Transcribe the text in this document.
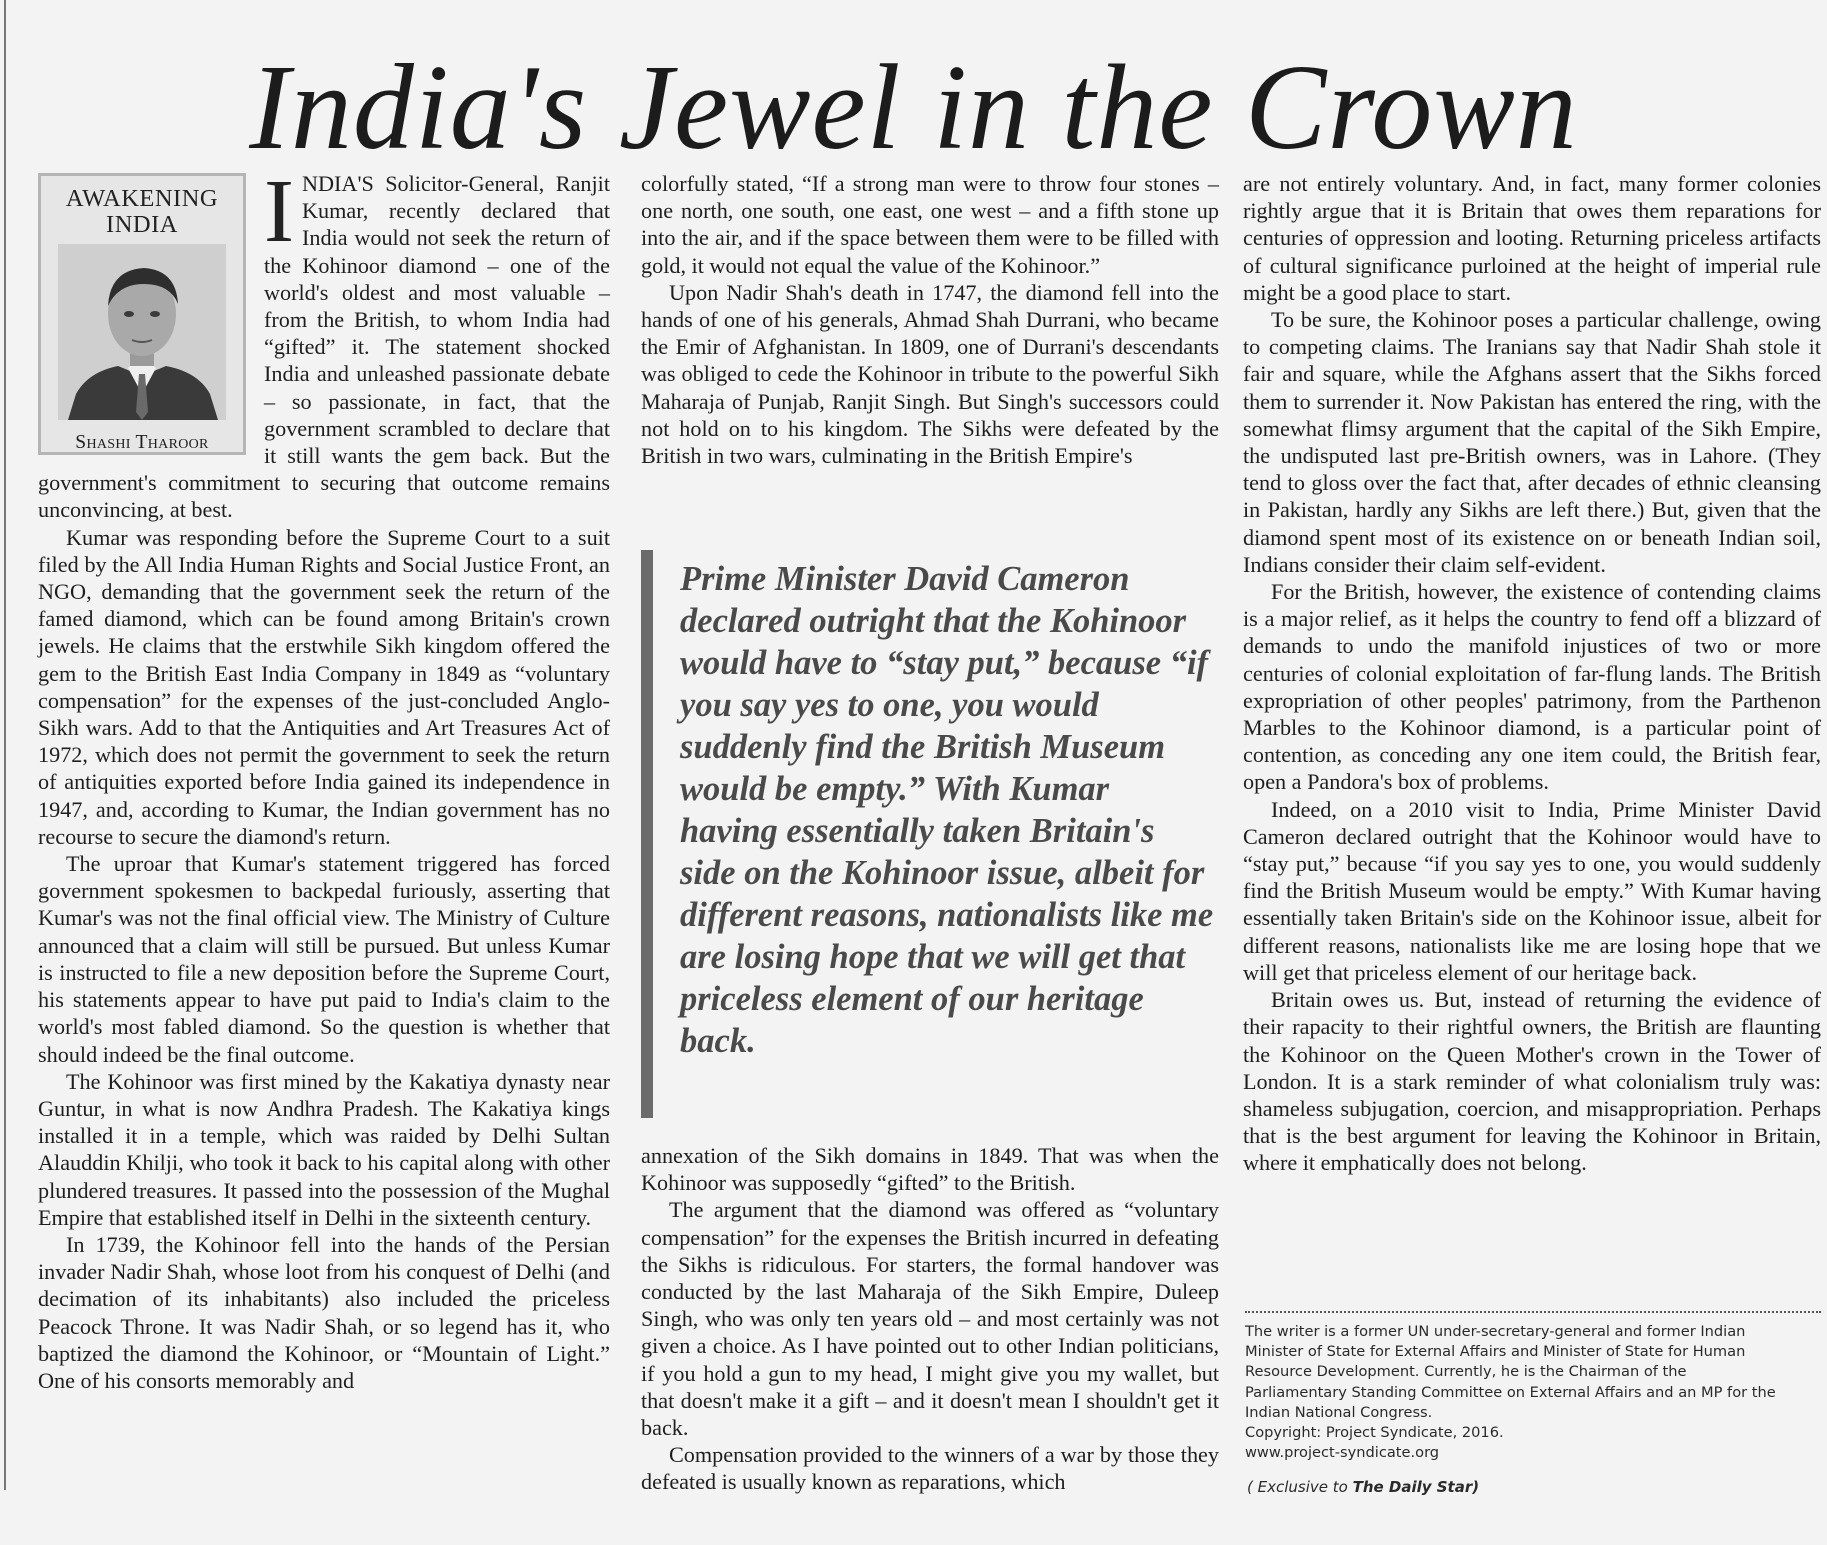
India's Jewel in the Crown
AWAKENING
INDIA
Shashi Tharoor

INDIA'S Solicitor-General, Ranjit Kumar, recently declared that India would not seek the return of the Kohinoor diamond – one of the world's oldest and most valuable – from the British, to whom India had “gifted” it. The statement shocked India and unleashed passionate debate – so passionate, in fact, that the government scrambled to declare that it still wants the gem back. But the government's commitment to securing that outcome remains unconvincing, at best.

Kumar was responding before the Supreme Court to a suit filed by the All India Human Rights and Social Justice Front, an NGO, demanding that the government seek the return of the famed diamond, which can be found among Britain's crown jewels. He claims that the erstwhile Sikh kingdom offered the gem to the British East India Company in 1849 as “voluntary compensation” for the expenses of the just-concluded Anglo-Sikh wars. Add to that the Antiquities and Art Treasures Act of 1972, which does not permit the government to seek the return of antiquities exported before India gained its independence in 1947, and, according to Kumar, the Indian government has no recourse to secure the diamond's return.

The uproar that Kumar's statement triggered has forced government spokesmen to backpedal furiously, asserting that Kumar's was not the final official view. The Ministry of Culture announced that a claim will still be pursued. But unless Kumar is instructed to file a new deposition before the Supreme Court, his statements appear to have put paid to India's claim to the world's most fabled diamond. So the question is whether that should indeed be the final outcome.

The Kohinoor was first mined by the Kakatiya dynasty near Guntur, in what is now Andhra Pradesh. The Kakatiya kings installed it in a temple, which was raided by Delhi Sultan Alauddin Khilji, who took it back to his capital along with other plundered treasures. It passed into the possession of the Mughal Empire that established itself in Delhi in the sixteenth century.

In 1739, the Kohinoor fell into the hands of the Persian invader Nadir Shah, whose loot from his conquest of Delhi (and decimation of its inhabitants) also included the priceless Peacock Throne. It was Nadir Shah, or so legend has it, who baptized the diamond the Kohinoor, or “Mountain of Light.” One of his consorts memorably and

colorfully stated, “If a strong man were to throw four stones – one north, one south, one east, one west – and a fifth stone up into the air, and if the space between them were to be filled with gold, it would not equal the value of the Kohinoor.”

Upon Nadir Shah's death in 1747, the diamond fell into the hands of one of his generals, Ahmad Shah Durrani, who became the Emir of Afghanistan. In 1809, one of Durrani's descendants was obliged to cede the Kohinoor in tribute to the powerful Sikh Maharaja of Punjab, Ranjit Singh. But Singh's successors could not hold on to his kingdom. The Sikhs were defeated by the British in two wars, culminating in the British Empire's

Prime Minister David Cameron declared outright that the Kohinoor would have to “stay put,” because “if you say yes to one, you would suddenly find the British Museum would be empty.” With Kumar having essentially taken Britain's side on the Kohinoor issue, albeit for different reasons, nationalists like me are losing hope that we will get that priceless element of our heritage back.

annexation of the Sikh domains in 1849. That was when the Kohinoor was supposedly “gifted” to the British.

The argument that the diamond was offered as “voluntary compensation” for the expenses the British incurred in defeating the Sikhs is ridiculous. For starters, the formal handover was conducted by the last Maharaja of the Sikh Empire, Duleep Singh, who was only ten years old – and most certainly was not given a choice. As I have pointed out to other Indian politicians, if you hold a gun to my head, I might give you my wallet, but that doesn't make it a gift – and it doesn't mean I shouldn't get it back.

Compensation provided to the winners of a war by those they defeated is usually known as reparations, which

are not entirely voluntary. And, in fact, many former colonies rightly argue that it is Britain that owes them reparations for centuries of oppression and looting. Returning priceless artifacts of cultural significance purloined at the height of imperial rule might be a good place to start.

To be sure, the Kohinoor poses a particular challenge, owing to competing claims. The Iranians say that Nadir Shah stole it fair and square, while the Afghans assert that the Sikhs forced them to surrender it. Now Pakistan has entered the ring, with the somewhat flimsy argument that the capital of the Sikh Empire, the undisputed last pre-British owners, was in Lahore. (They tend to gloss over the fact that, after decades of ethnic cleansing in Pakistan, hardly any Sikhs are left there.) But, given that the diamond spent most of its existence on or beneath Indian soil, Indians consider their claim self-evident.

For the British, however, the existence of contending claims is a major relief, as it helps the country to fend off a blizzard of demands to undo the manifold injustices of two or more centuries of colonial exploitation of far-flung lands. The British expropriation of other peoples' patrimony, from the Parthenon Marbles to the Kohinoor diamond, is a particular point of contention, as conceding any one item could, the British fear, open a Pandora's box of problems.

Indeed, on a 2010 visit to India, Prime Minister David Cameron declared outright that the Kohinoor would have to “stay put,” because “if you say yes to one, you would suddenly find the British Museum would be empty.” With Kumar having essentially taken Britain's side on the Kohinoor issue, albeit for different reasons, nationalists like me are losing hope that we will get that priceless element of our heritage back.

Britain owes us. But, instead of returning the evidence of their rapacity to their rightful owners, the British are flaunting the Kohinoor on the Queen Mother's crown in the Tower of London. It is a stark reminder of what colonialism truly was: shameless subjugation, coercion, and misappropriation. Perhaps that is the best argument for leaving the Kohinoor in Britain, where it emphatically does not belong.

The writer is a former UN under-secretary-general and former Indian
Minister of State for External Affairs and Minister of State for Human
Resource Development. Currently, he is the Chairman of the
Parliamentary Standing Committee on External Affairs and an MP for the
Indian National Congress.
Copyright: Project Syndicate, 2016.
www.project-syndicate.org
( Exclusive to The Daily Star)
